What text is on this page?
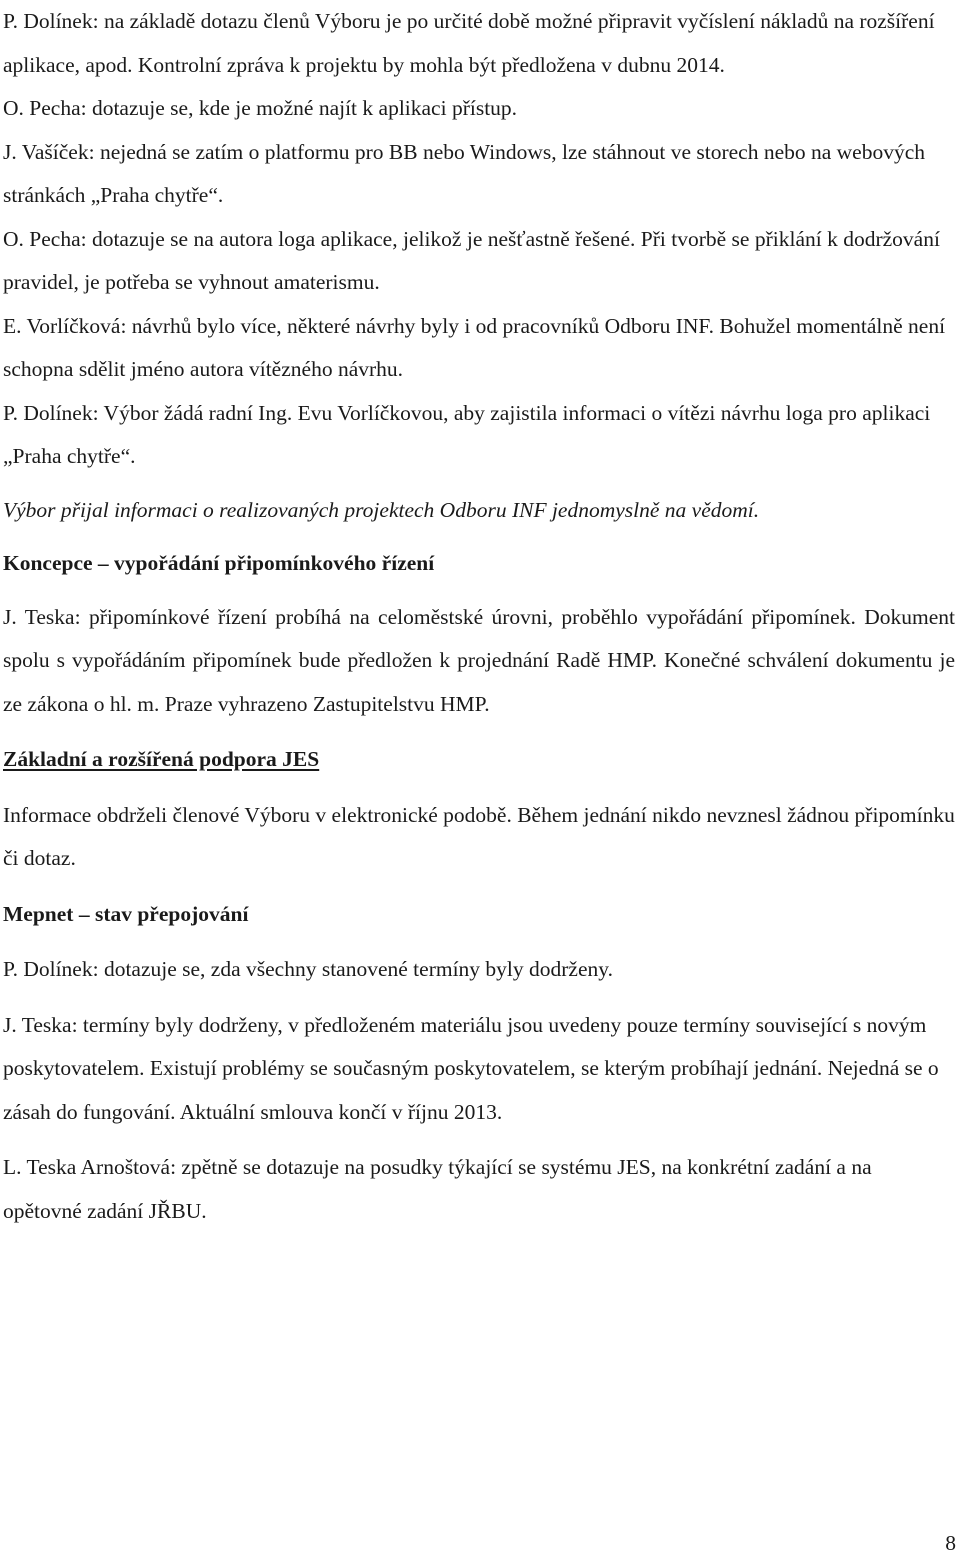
P. Dolínek: na základě dotazu členů Výboru je po určité době možné připravit vyčíslení nákladů na rozšíření aplikace, apod. Kontrolní zpráva k projektu by mohla být předložena v dubnu 2014.

O. Pecha: dotazuje se, kde je možné najít k aplikaci přístup.

J. Vašíček: nejedná se zatím o platformu pro BB nebo Windows, lze stáhnout ve storech nebo na webových stránkách „Praha chytře“.

O. Pecha: dotazuje se na autora loga aplikace, jelikož je nešťastně řešené. Při tvorbě se přiklání k dodržování pravidel, je potřeba se vyhnout amaterismu.

E. Vorlíčková: návrhů bylo více, některé návrhy byly i od pracovníků Odboru INF. Bohužel momentálně není schopna sdělit jméno autora vítězného návrhu.

P. Dolínek: Výbor žádá radní Ing. Evu Vorlíčkovou, aby zajistila informaci o vítězi návrhu loga pro aplikaci „Praha chytře“.

Výbor přijal informaci o realizovaných projektech Odboru INF jednomyslně na vědomí.

Koncepce – vypořádání připomínkového řízení

J. Teska: připomínkové řízení probíhá na celoměstské úrovni, proběhlo vypořádání připomínek. Dokument spolu s vypořádáním připomínek bude předložen k projednání Radě HMP. Konečné schválení dokumentu je ze zákona o hl. m. Praze vyhrazeno Zastupitelstvu HMP.

Základní a rozšířená podpora JES

Informace obdrželi členové Výboru v elektronické podobě. Během jednání nikdo nevznesl žádnou připomínku či dotaz.

Mepnet – stav přepojování

P. Dolínek: dotazuje se, zda všechny stanovené termíny byly dodrženy.

J. Teska: termíny byly dodrženy, v předloženém materiálu jsou uvedeny pouze termíny související s novým poskytovatelem. Existují problémy se současným poskytovatelem, se kterým probíhají jednání. Nejedná se o zásah do fungování. Aktuální smlouva končí v říjnu 2013.

L. Teska Arnoštová: zpětně se dotazuje na posudky týkající se systému JES, na konkrétní zadání a na opětovné zadání JŘBU.

8
